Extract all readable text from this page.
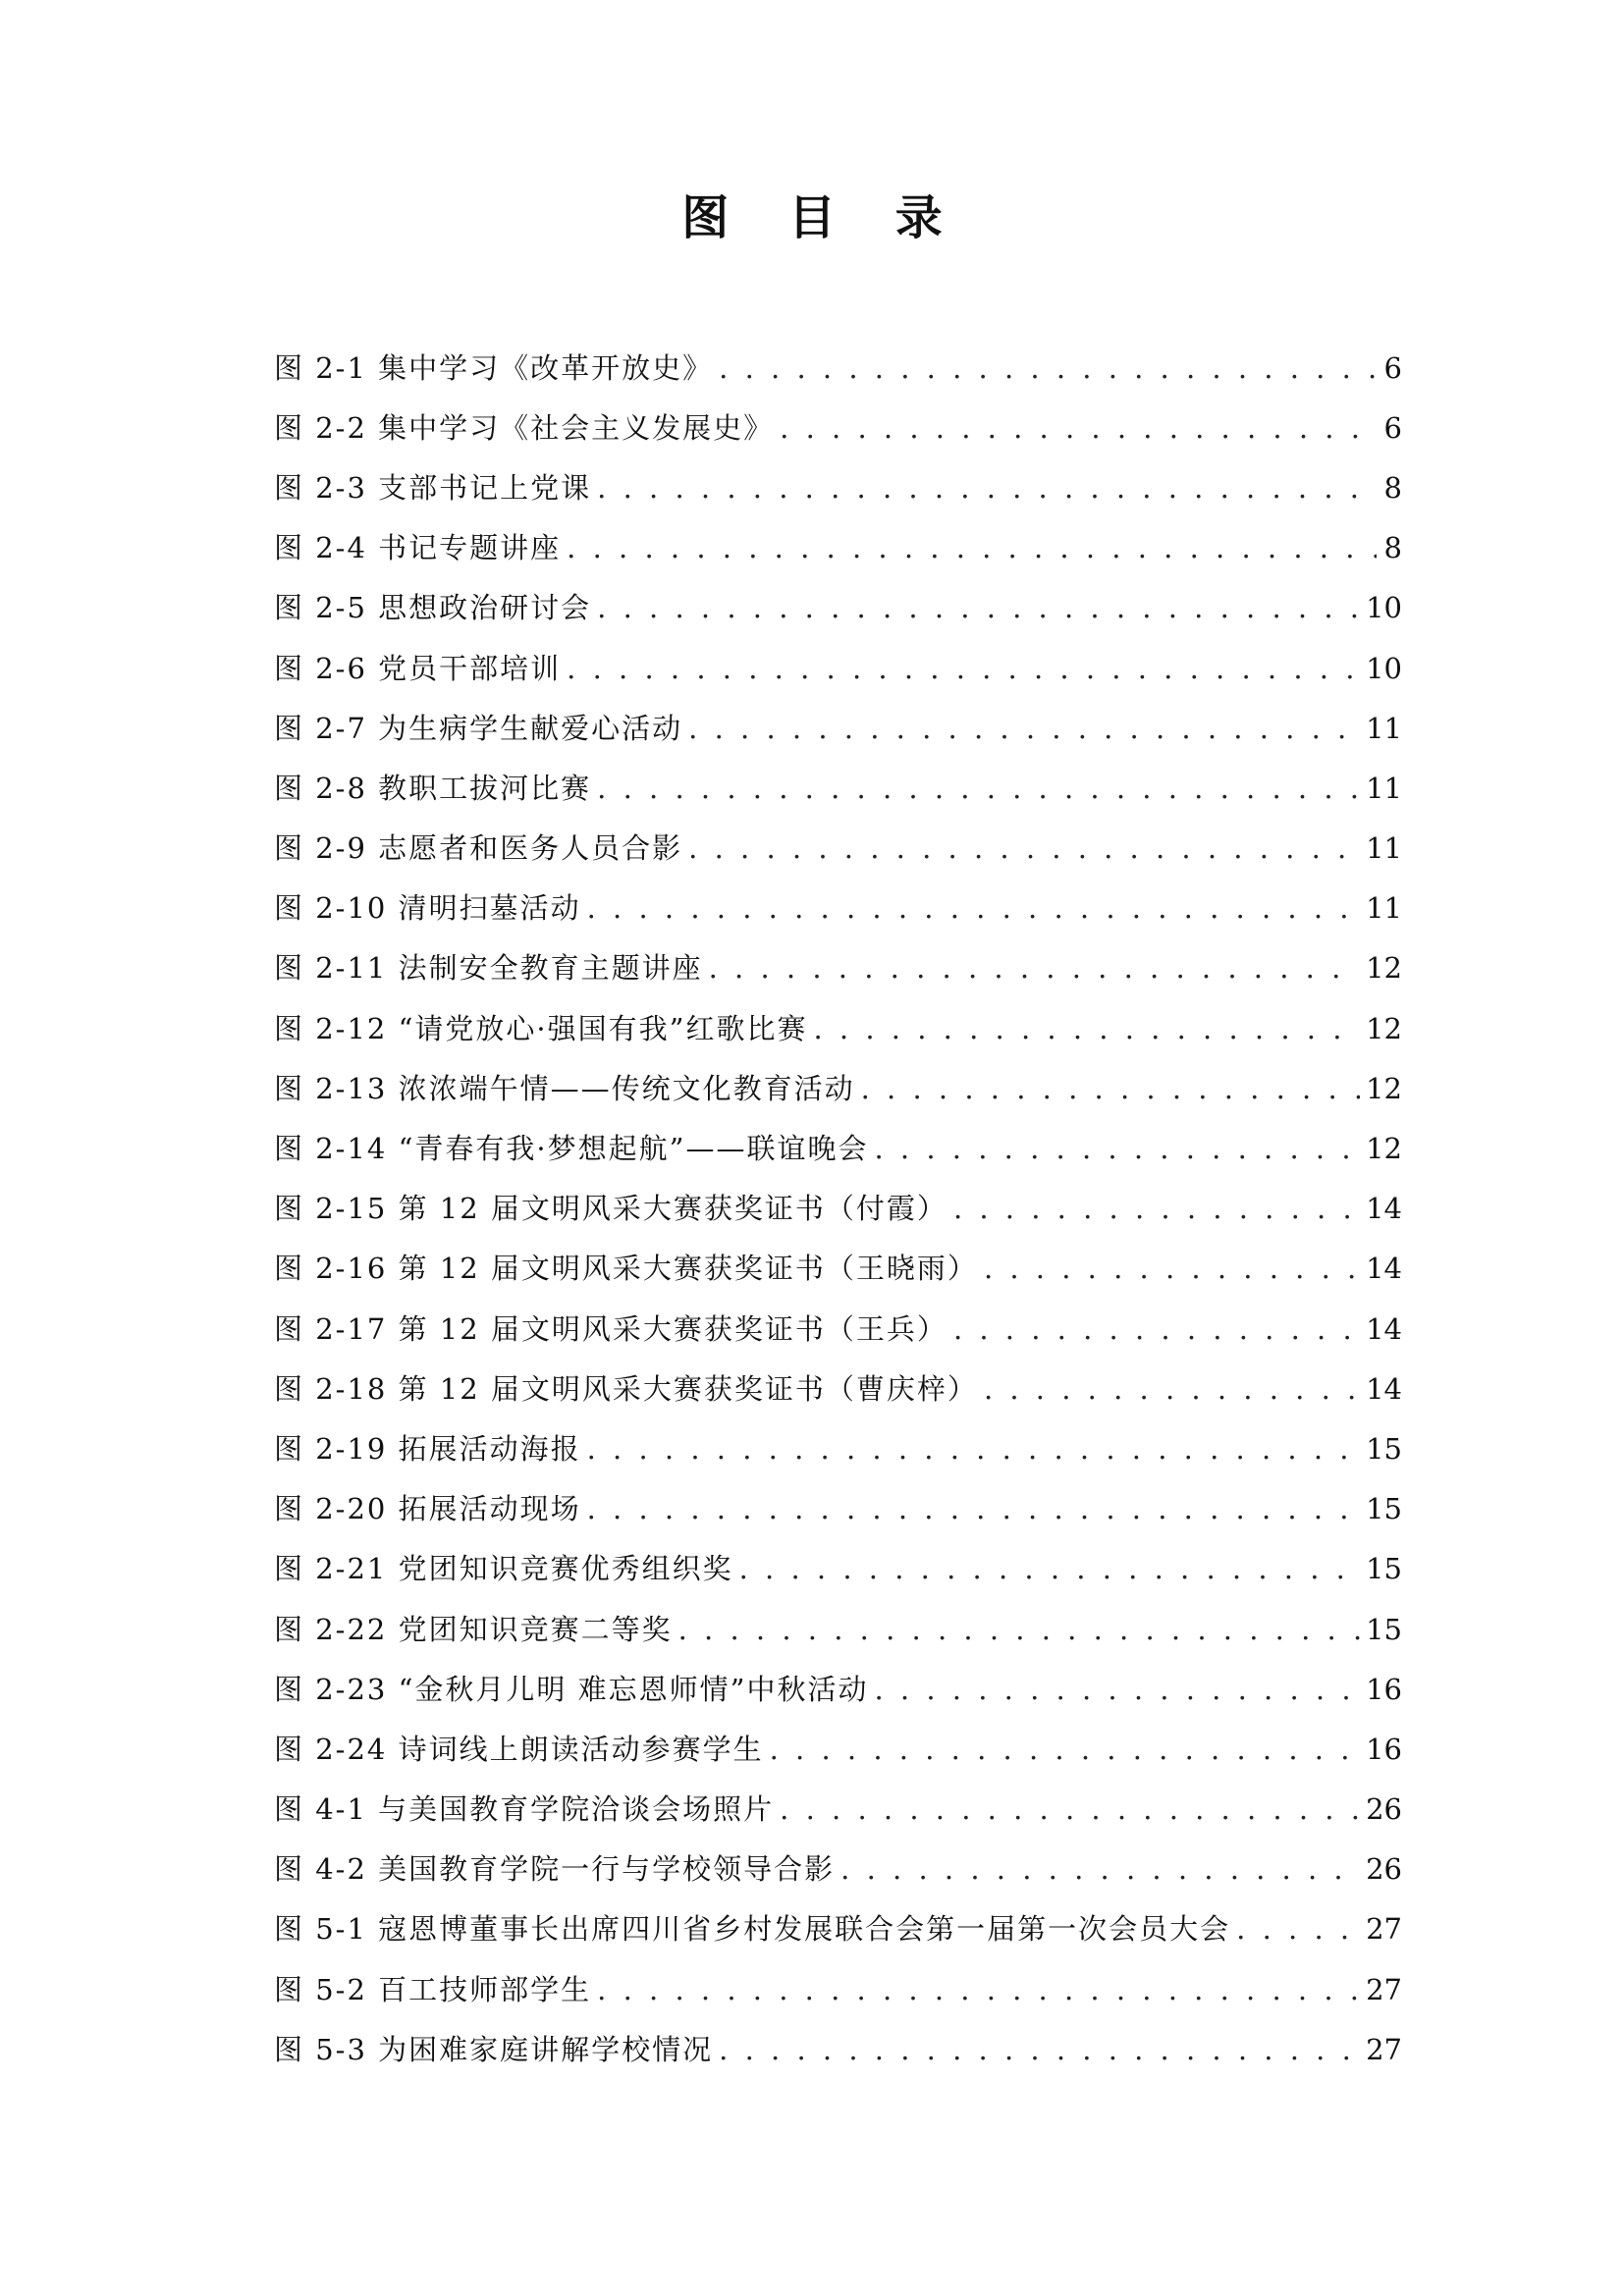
图 目 录
图 2-1 集中学习《改革开放史》 . . .	6
图 2-2 集中学习《社会主义发展史》 . . .	6
图 2-3 支部书记上党课 . . .	8
图 2-4 书记专题讲座 . . .	8
图 2-5 思想政治研讨会 . . .	10
图 2-6 党员干部培训 . . .	10
图 2-7 为生病学生献爱心活动 . . .	11
图 2-8 教职工拔河比赛 . . .	11
图 2-9 志愿者和医务人员合影 . . .	11
图 2-10 清明扫墓活动 . . .	11
图 2-11 法制安全教育主题讲座 . . .	12
图 2-12 “请党放心·强国有我”红歌比赛 . . .	12
图 2-13 浓浓端午情——传统文化教育活动 . . .	12
图 2-14 “青春有我·梦想起航”——联谊晚会 . . .	12
图 2-15 第 12 届文明风采大赛获奖证书（付霞） . . .	14
图 2-16 第 12 届文明风采大赛获奖证书（王晓雨） . . .	14
图 2-17 第 12 届文明风采大赛获奖证书（王兵） . . .	14
图 2-18 第 12 届文明风采大赛获奖证书（曹庆梓） . . .	14
图 2-19 拓展活动海报 . . .	15
图 2-20 拓展活动现场 . . .	15
图 2-21 党团知识竞赛优秀组织奖 . . .	15
图 2-22 党团知识竞赛二等奖 . . .	15
图 2-23 “金秋月儿明 难忘恩师情”中秋活动 . . .	16
图 2-24 诗词线上朗读活动参赛学生 . . .	16
图 4-1 与美国教育学院洽谈会场照片 . . .	26
图 4-2 美国教育学院一行与学校领导合影 . . .	26
图 5-1 寇恩博董事长出席四川省乡村发展联合会第一届第一次会员大会 . . .	27
图 5-2 百工技师部学生 . . .	27
图 5-3 为困难家庭讲解学校情况 . . .	27
